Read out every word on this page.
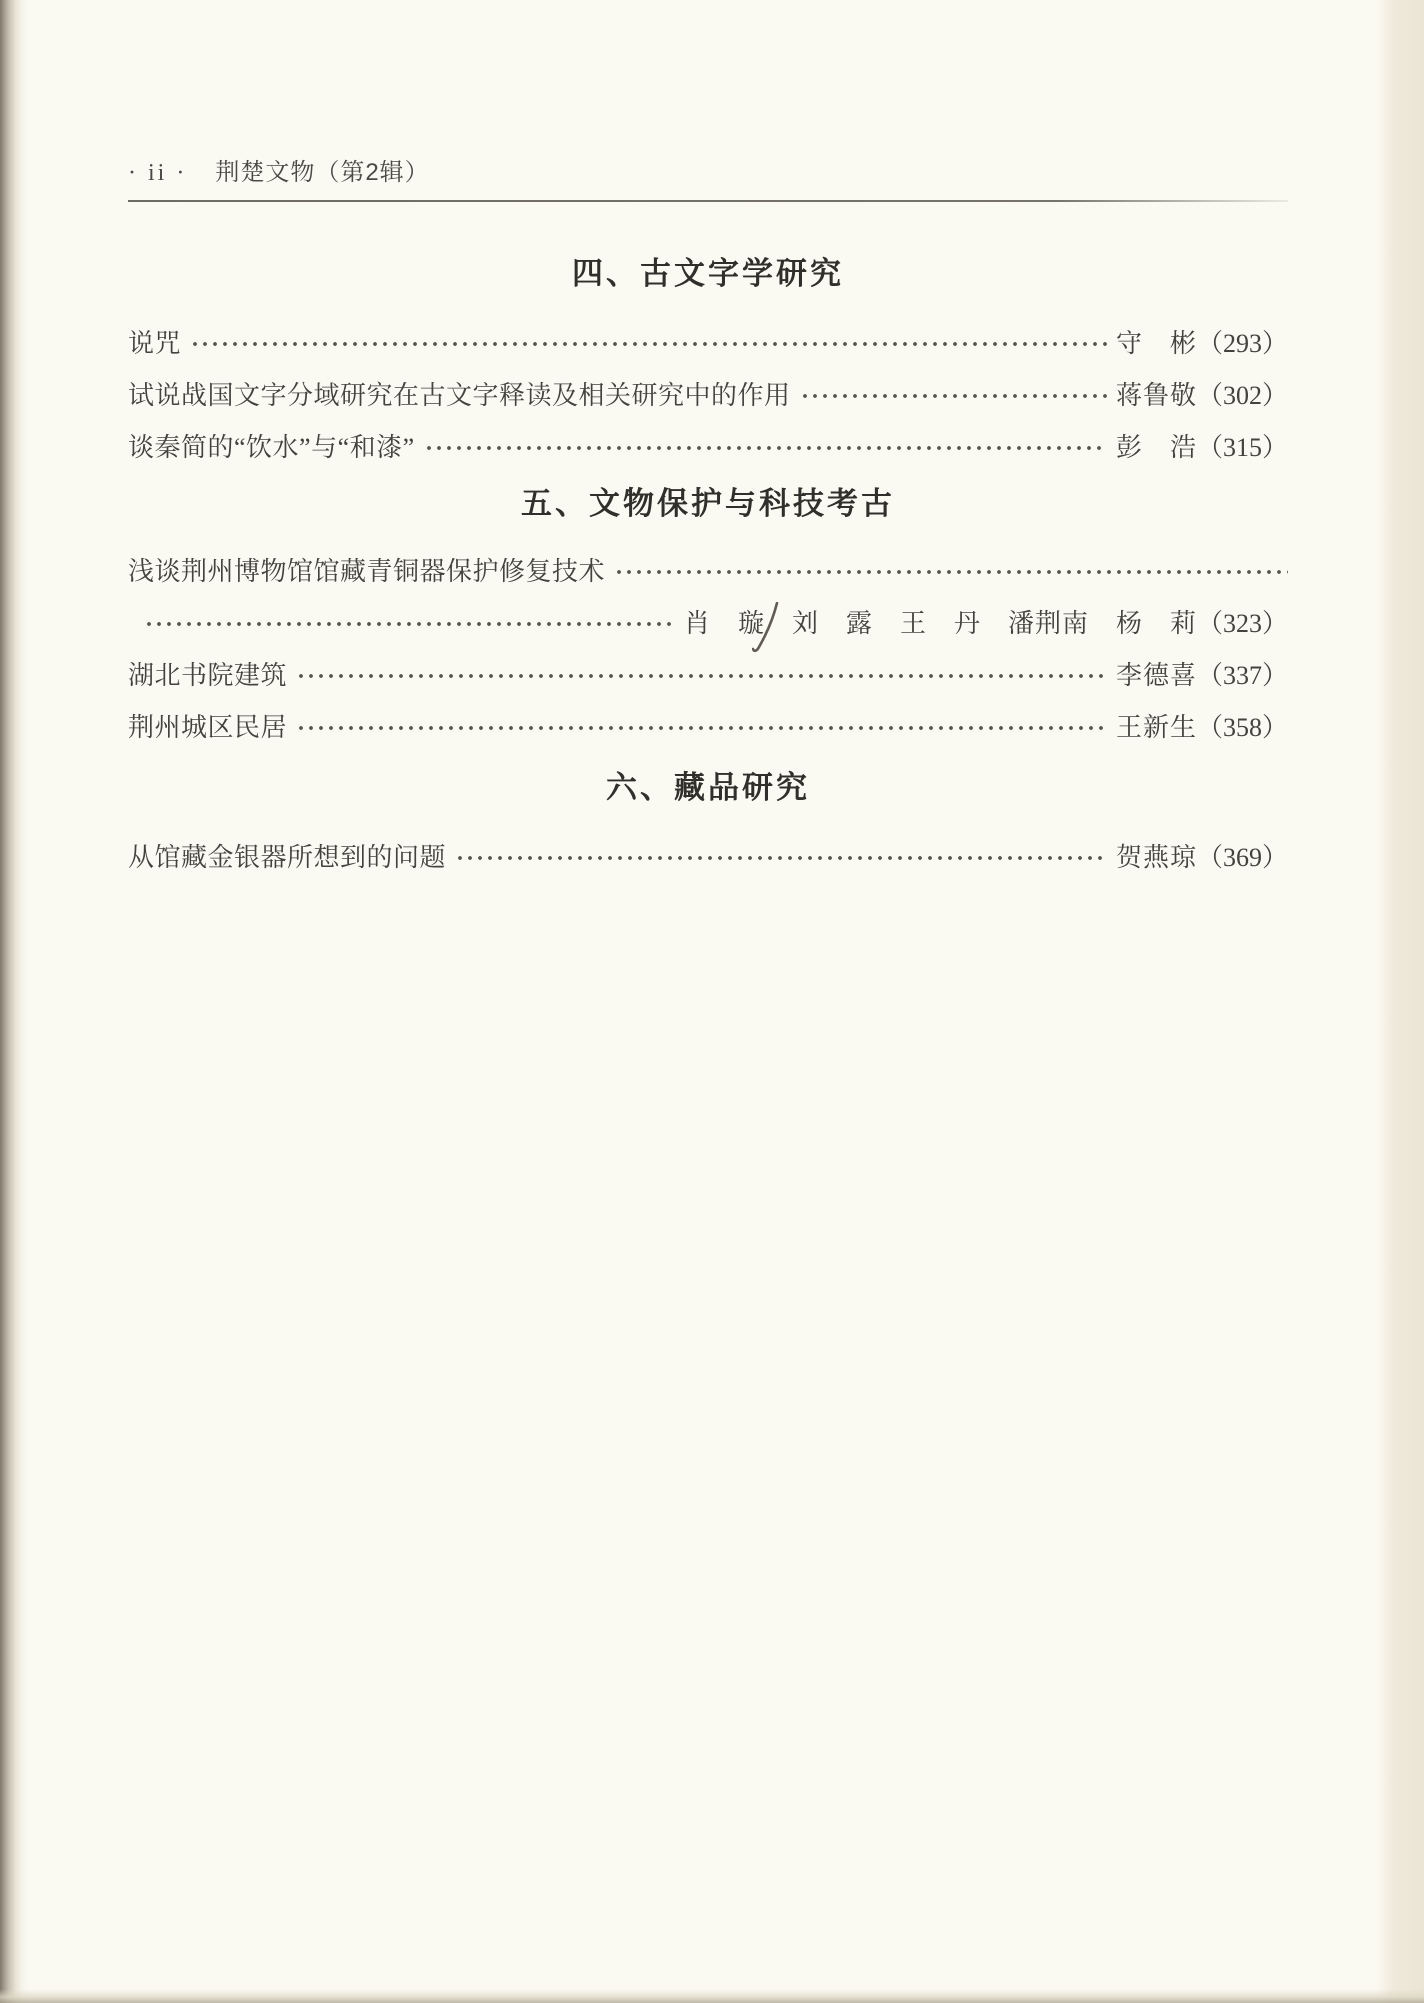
· ii · 荆楚文物（第2辑）
四、古文字学研究
说咒	守　彬 （293）
试说战国文字分域研究在古文字释读及相关研究中的作用	蒋鲁敬 （302）
谈秦简的“饮水”与“和漆”	彭　浩 （315）
五、文物保护与科技考古
浅谈荆州博物馆馆藏青铜器保护修复技术
肖　璇　刘　露　王　丹　潘荆南　杨　莉 （323）
湖北书院建筑	李德喜 （337）
荆州城区民居	王新生 （358）
六、藏品研究
从馆藏金银器所想到的问题	贺燕琼 （369）
